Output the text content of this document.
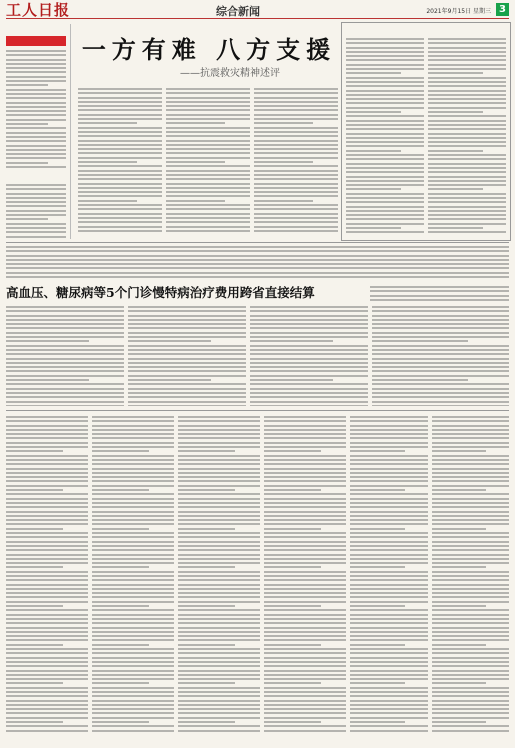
工人日报	综合新闻	2021年9月15日 星期三 3
一方有难 八方支援
——抗震救灾精神述评
高血压、糖尿病等5个门诊慢特病治疗费用跨省直接结算
